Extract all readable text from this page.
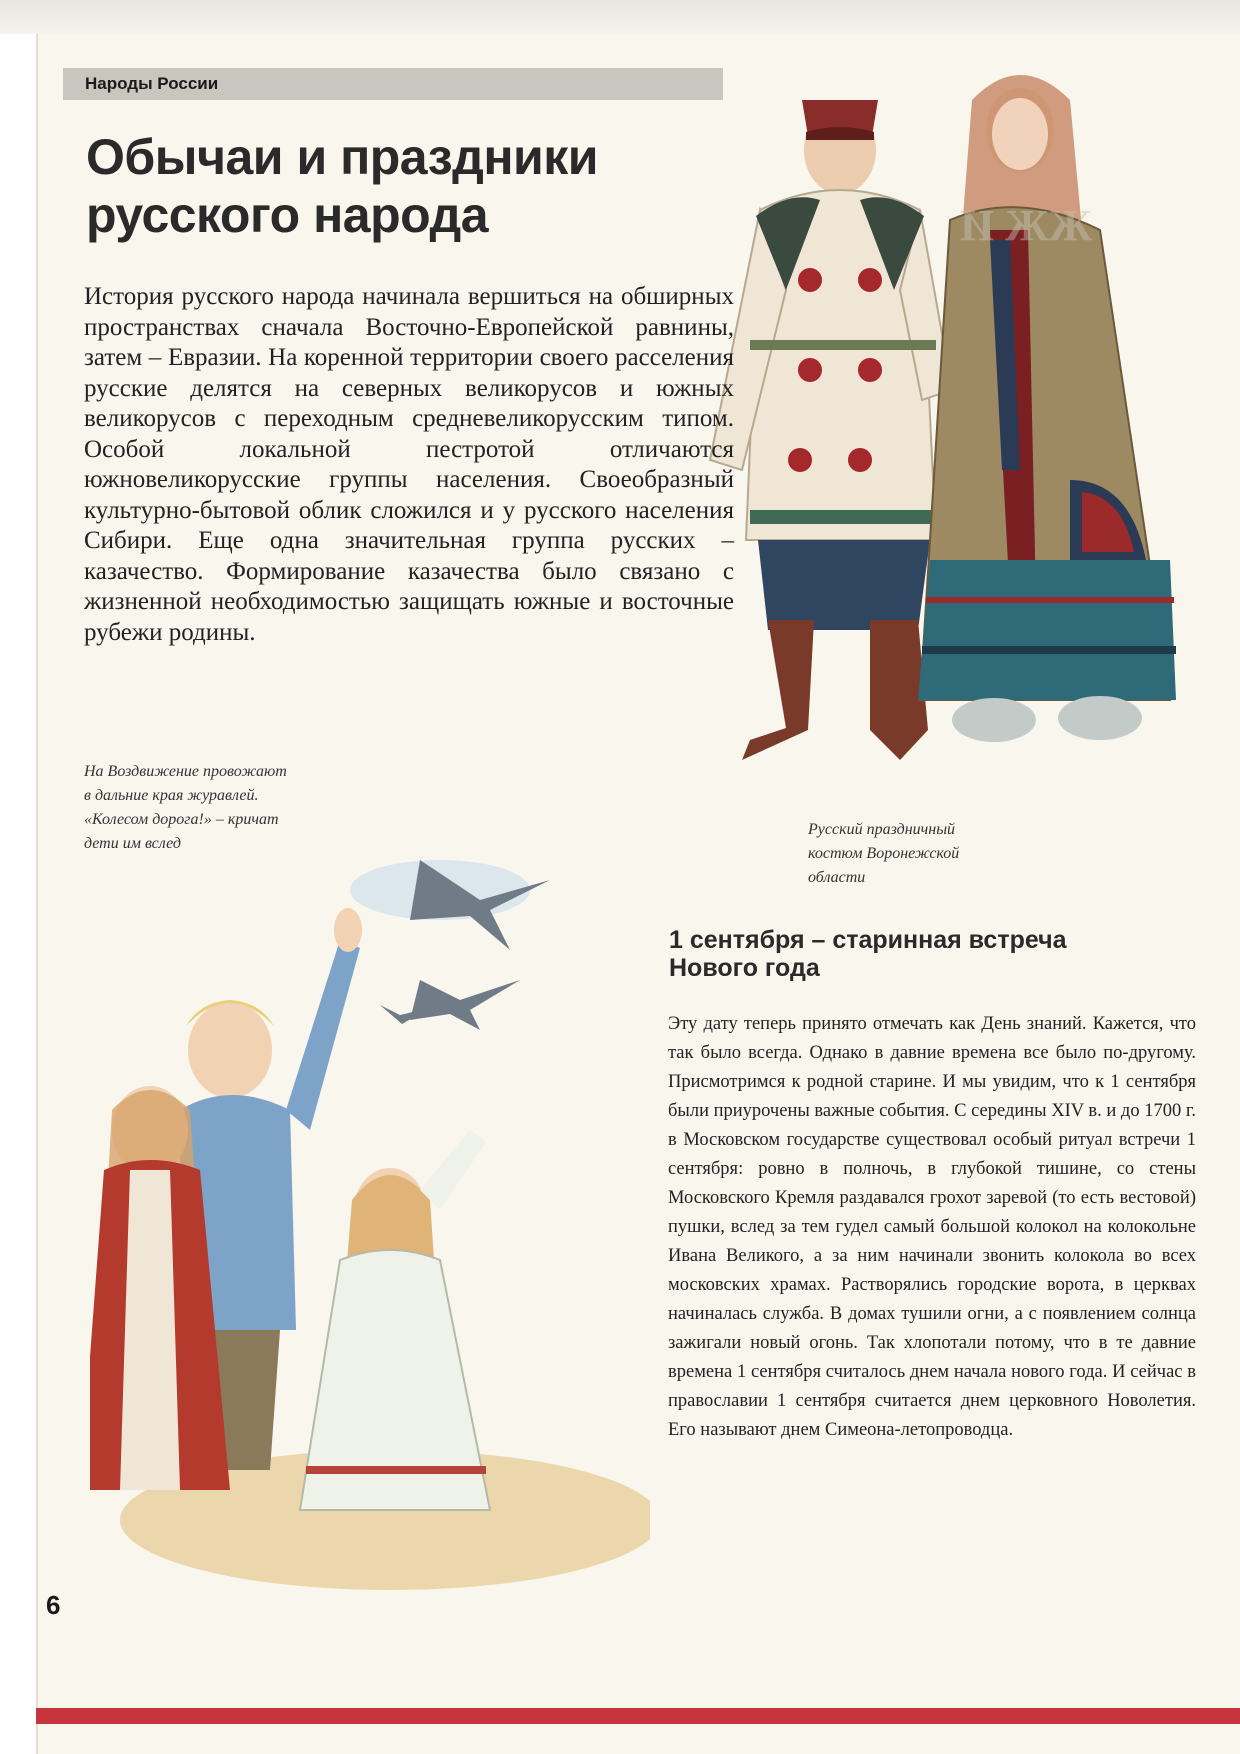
ЖЖ И
Народы России
Обычаи и праздники
русского народа

История русского народа начинала вершиться на обширных пространствах сначала Восточно-Европейской равнины, затем – Евразии. На коренной территории своего расселения русские делятся на северных великорусов и южных великорусов с переходным средневеликорусским типом. Особой локальной пестротой отличаются южновеликорусские группы населения. Своеобразный культурно-бытовой облик сложился и у русского населения Сибири. Еще одна значительная группа русских – казачество. Формирование казачества было связано с жизненной необходимостью защищать южные и восточные рубежи родины.

На Воздвижение провожают
в дальние края журавлей.
«Колесом дорога!» – кричат
дети им вслед

Русский праздничный
костюм Воронежской
области

1 сентября – старинная встреча
Нового года

Эту дату теперь принято отмечать как День знаний. Кажется, что так было всегда. Однако в давние времена все было по-другому. Присмотримся к родной старине. И мы увидим, что к 1 сентября были приурочены важные события. С середины XIV в. и до 1700 г. в Московском государстве существовал особый ритуал встречи 1 сентября: ровно в полночь, в глубокой тишине, со стены Московского Кремля раздавался грохот заревой (то есть вестовой) пушки, вслед за тем гудел самый большой колокол на колокольне Ивана Великого, а за ним начинали звонить колокола во всех московских храмах. Растворялись городские ворота, в церквах начиналась служба. В домах тушили огни, а с появлением солнца зажигали новый огонь. Так хлопотали потому, что в те давние времена 1 сентября считалось днем начала нового года. И сейчас в православии 1 сентября считается днем церковного Новолетия. Его называют днем Симеона-летопроводца.

6
